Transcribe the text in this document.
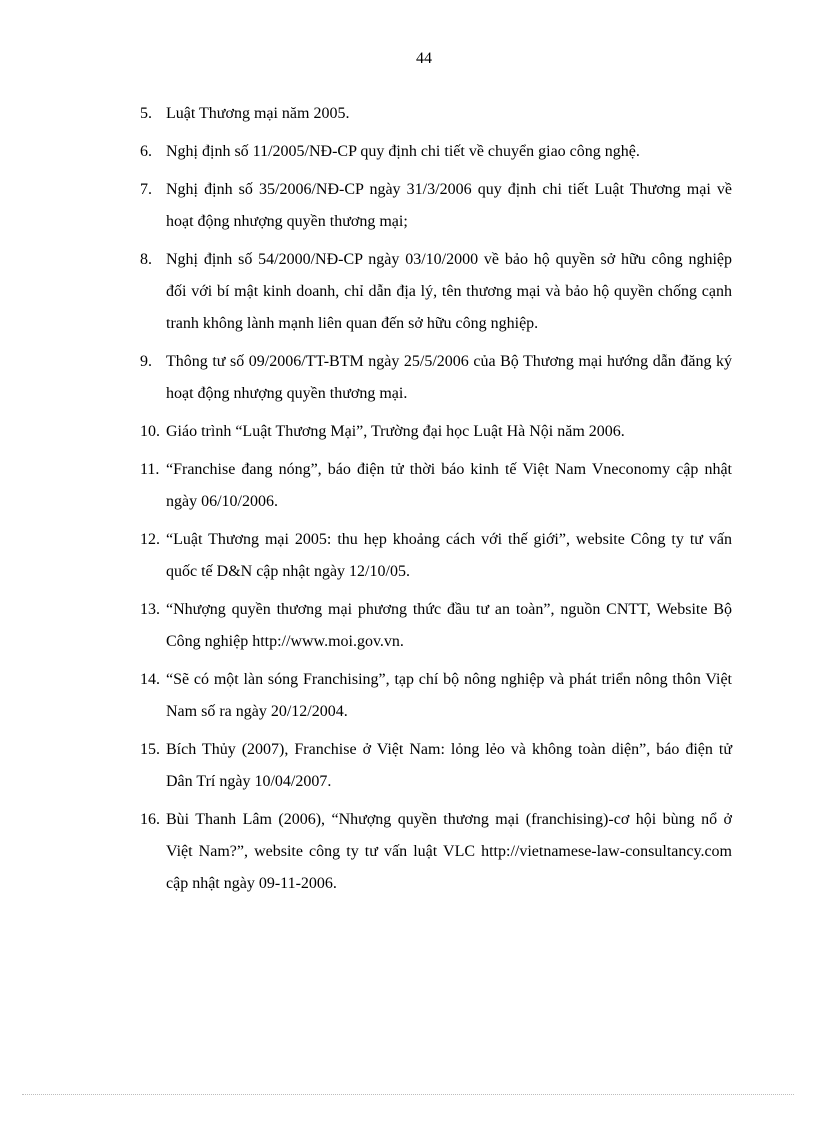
44
5. Luật Thương mại năm 2005.
6. Nghị định số 11/2005/NĐ-CP quy định chi tiết về chuyển giao công nghệ.
7. Nghị định số 35/2006/NĐ-CP ngày 31/3/2006 quy định chi tiết Luật Thương mại về hoạt động nhượng quyền thương mại;
8. Nghị định số 54/2000/NĐ-CP ngày 03/10/2000 về bảo hộ quyền sở hữu công nghiệp đối với bí mật kinh doanh, chỉ dẫn địa lý, tên thương mại và bảo hộ quyền chống cạnh tranh không lành mạnh liên quan đến sở hữu công nghiệp.
9. Thông tư số 09/2006/TT-BTM ngày 25/5/2006 của Bộ Thương mại hướng dẫn đăng ký hoạt động nhượng quyền thương mại.
10. Giáo trình “Luật Thương Mại”, Trường đại học Luật Hà Nội năm 2006.
11. “Franchise đang nóng”, báo điện tử thời báo kinh tế Việt Nam Vneconomy cập nhật ngày 06/10/2006.
12. “Luật Thương mại 2005: thu hẹp khoảng cách với thế giới”, website Công ty tư vấn quốc tế D&N cập nhật ngày 12/10/05.
13. “Nhượng quyền thương mại phương thức đầu tư an toàn”, nguồn CNTT, Website Bộ Công nghiệp http://www.moi.gov.vn.
14. “Sẽ có một làn sóng Franchising”, tạp chí bộ nông nghiệp và phát triển nông thôn Việt Nam số ra ngày 20/12/2004.
15. Bích Thủy (2007), Franchise ở Việt Nam: lỏng lẻo và không toàn diện”, báo điện tử Dân Trí ngày 10/04/2007.
16. Bùi Thanh Lâm (2006), “Nhượng quyền thương mại (franchising)-cơ hội bùng nổ ở Việt Nam?”, website công ty tư vấn luật VLC http://vietnamese-law-consultancy.com cập nhật ngày 09-11-2006.
